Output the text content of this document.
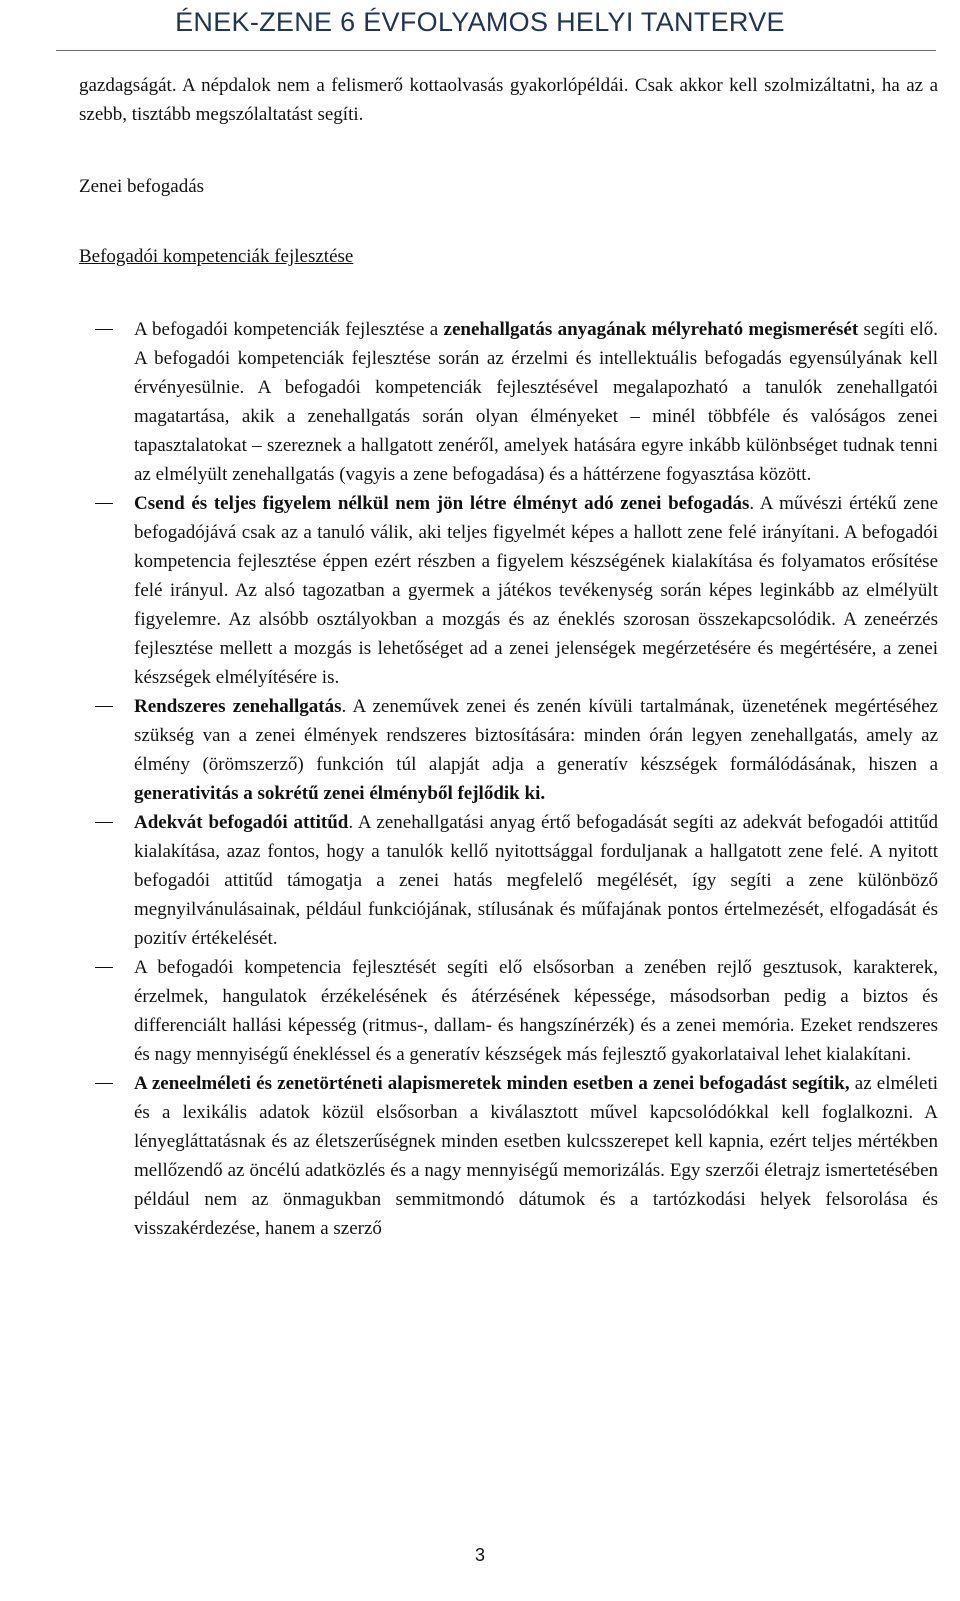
ÉNEK-ZENE 6 ÉVFOLYAMOS HELYI TANTERVE

gazdagságát. A népdalok nem a felismerő kottaolvasás gyakorlópéldái. Csak akkor kell szolmizáltatni, ha az a szebb, tisztább megszólaltatást segíti.

Zenei befogadás

Befogadói kompetenciák fejlesztése

A befogadói kompetenciák fejlesztése a zenehallgatás anyagának mélyreható megismerését segíti elő. A befogadói kompetenciák fejlesztése során az érzelmi és intellektuális befogadás egyensúlyának kell érvényesülnie. A befogadói kompetenciák fejlesztésével megalapozható a tanulók zenehallgatói magatartása, akik a zenehallgatás során olyan élményeket – minél többféle és valóságos zenei tapasztalatokat – szereznek a hallgatott zenéről, amelyek hatására egyre inkább különbséget tudnak tenni az elmélyült zenehallgatás (vagyis a zene befogadása) és a háttérzene fogyasztása között.
Csend és teljes figyelem nélkül nem jön létre élményt adó zenei befogadás. A művészi értékű zene befogadójává csak az a tanuló válik, aki teljes figyelmét képes a hallott zene felé irányítani. A befogadói kompetencia fejlesztése éppen ezért részben a figyelem készségének kialakítása és folyamatos erősítése felé irányul. Az alsó tagozatban a gyermek a játékos tevékenység során képes leginkább az elmélyült figyelemre. Az alsóbb osztályokban a mozgás és az éneklés szorosan összekapcsolódik. A zeneérzés fejlesztése mellett a mozgás is lehetőséget ad a zenei jelenségek megérzetésére és megértésére, a zenei készségek elmélyítésére is.
Rendszeres zenehallgatás. A zeneművek zenei és zenén kívüli tartalmának, üzenetének megértéséhez szükség van a zenei élmények rendszeres biztosítására: minden órán legyen zenehallgatás, amely az élmény (örömszerző) funkción túl alapját adja a generatív készségek formálódásának, hiszen a generativitás a sokrétű zenei élményből fejlődik ki.
Adekvát befogadói attitűd. A zenehallgatási anyag értő befogadását segíti az adekvát befogadói attitűd kialakítása, azaz fontos, hogy a tanulók kellő nyitottsággal forduljanak a hallgatott zene felé. A nyitott befogadói attitűd támogatja a zenei hatás megfelelő megélését, így segíti a zene különböző megnyilvánulásainak, például funkciójának, stílusának és műfajának pontos értelmezését, elfogadását és pozitív értékelését.
A befogadói kompetencia fejlesztését segíti elő elsősorban a zenében rejlő gesztusok, karakterek, érzelmek, hangulatok érzékelésének és átérzésének képessége, másodsorban pedig a biztos és differenciált hallási képesség (ritmus-, dallam- és hangszínérzék) és a zenei memória. Ezeket rendszeres és nagy mennyiségű énekléssel és a generatív készségek más fejlesztő gyakorlataival lehet kialakítani.
A zeneelméleti és zenetörténeti alapismeretek minden esetben a zenei befogadást segítik, az elméleti és a lexikális adatok közül elsősorban a kiválasztott művel kapcsolódókkal kell foglalkozni. A lényegláttatásnak és az életszerűségnek minden esetben kulcsszerepet kell kapnia, ezért teljes mértékben mellőzendő az öncélú adatközlés és a nagy mennyiségű memorizálás. Egy szerzői életrajz ismertetésében például nem az önmagukban semmitmondó dátumok és a tartózkodási helyek felsorolása és visszakérdezése, hanem a szerző
3
